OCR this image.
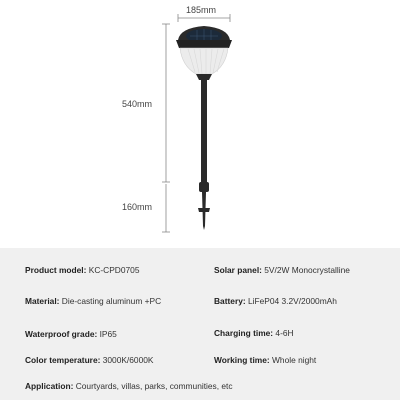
185mm
540mm
160mm
Product model: KC-CPD0705	Solar panel: 5V/2W Monocrystalline
Material: Die-casting aluminum +PC	Battery: LiFeP04 3.2V/2000mAh
Waterproof grade: IP65	Charging time: 4-6H
Color temperature: 3000K/6000K	Working time: Whole night
Application: Courtyards, villas, parks, communities, etc
